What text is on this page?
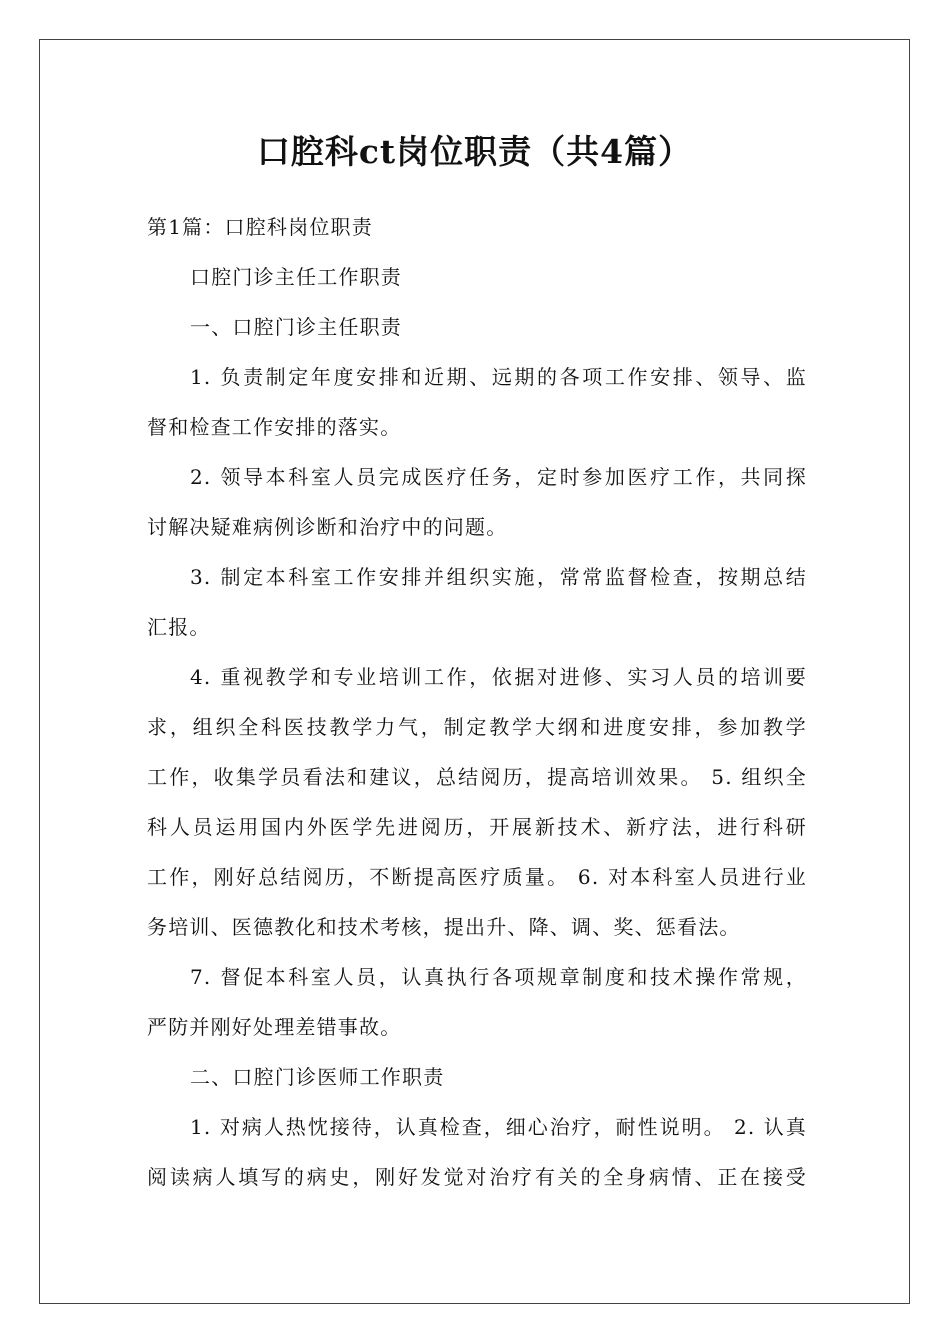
口腔科ct岗位职责（共4篇）
第1篇：口腔科岗位职责
口腔门诊主任工作职责
一、口腔门诊主任职责
1. 负责制定年度安排和近期、远期的各项工作安排、领导、监
督和检查工作安排的落实。
2. 领导本科室人员完成医疗任务，定时参加医疗工作，共同探
讨解决疑难病例诊断和治疗中的问题。
3. 制定本科室工作安排并组织实施，常常监督检查，按期总结
汇报。
4. 重视教学和专业培训工作，依据对进修、实习人员的培训要
求，组织全科医技教学力气，制定教学大纲和进度安排，参加教学
工作，收集学员看法和建议，总结阅历，提高培训效果。 5. 组织全
科人员运用国内外医学先进阅历，开展新技术、新疗法，进行科研
工作，刚好总结阅历，不断提高医疗质量。 6. 对本科室人员进行业
务培训、医德教化和技术考核，提出升、降、调、奖、惩看法。
7. 督促本科室人员，认真执行各项规章制度和技术操作常规，
严防并刚好处理差错事故。
二、口腔门诊医师工作职责
1. 对病人热忱接待，认真检查，细心治疗，耐性说明。 2. 认真
阅读病人填写的病史，刚好发觉对治疗有关的全身病情、正在接受
